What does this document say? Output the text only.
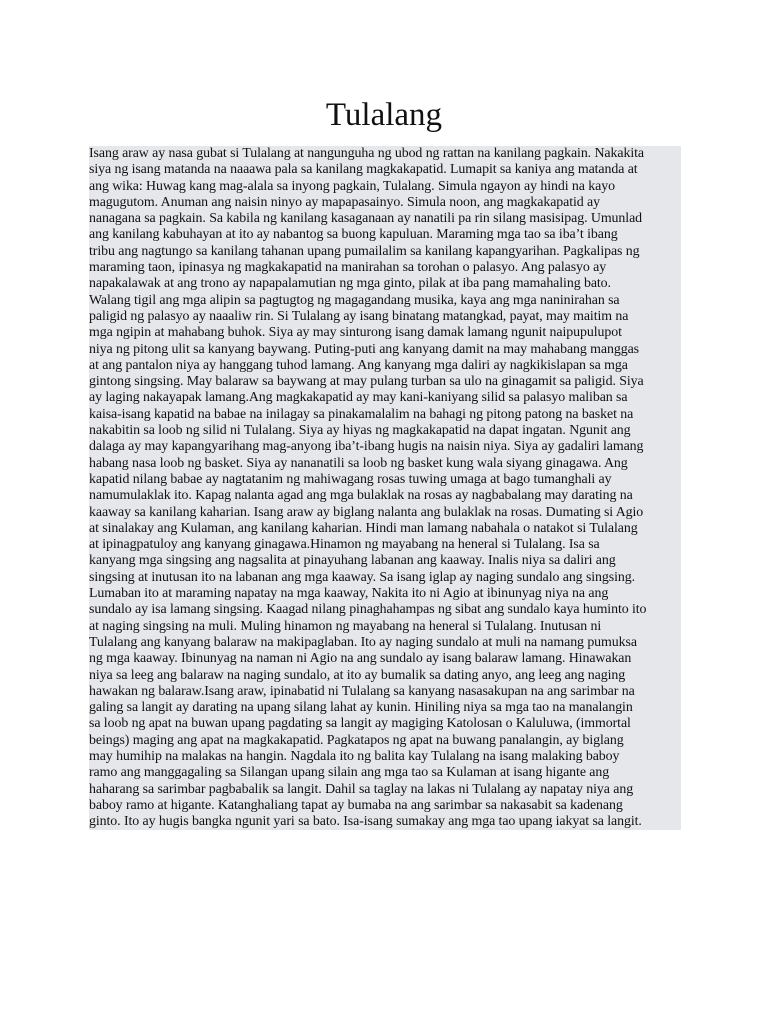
Tulalang
Isang araw ay nasa gubat si Tulalang at nangunguha ng ubod ng rattan na kanilang pagkain. Nakakita
siya ng isang matanda na naaawa pala sa kanilang magkakapatid. Lumapit sa kaniya ang matanda at
ang wika: Huwag kang mag-alala sa inyong pagkain, Tulalang. Simula ngayon ay hindi na kayo
magugutom. Anuman ang naisin ninyo ay mapapasainyo. Simula noon, ang magkakapatid ay
nanagana sa pagkain. Sa kabila ng kanilang kasaganaan ay nanatili pa rin silang masisipag. Umunlad
ang kanilang kabuhayan at ito ay nabantog sa buong kapuluan. Maraming mga tao sa iba’t ibang
tribu ang nagtungo sa kanilang tahanan upang pumailalim sa kanilang kapangyarihan. Pagkalipas ng
maraming taon, ipinasya ng magkakapatid na manirahan sa torohan o palasyo. Ang palasyo ay
napakalawak at ang trono ay napapalamutian ng mga ginto, pilak at iba pang mamahaling bato.
Walang tigil ang mga alipin sa pagtugtog ng magagandang musika, kaya ang mga naninirahan sa
paligid ng palasyo ay naaaliw rin. Si Tulalang ay isang binatang matangkad, payat, may maitim na
mga ngipin at mahabang buhok. Siya ay may sinturong isang damak lamang ngunit naipupulupot
niya ng pitong ulit sa kanyang baywang. Puting-puti ang kanyang damit na may mahabang manggas
at ang pantalon niya ay hanggang tuhod lamang. Ang kanyang mga daliri ay nagkikislapan sa mga
gintong singsing. May balaraw sa baywang at may pulang turban sa ulo na ginagamit sa paligid. Siya
ay laging nakayapak lamang.Ang magkakapatid ay may kani-kaniyang silid sa palasyo maliban sa
kaisa-isang kapatid na babae na inilagay sa pinakamalalim na bahagi ng pitong patong na basket na
nakabitin sa loob ng silid ni Tulalang. Siya ay hiyas ng magkakapatid na dapat ingatan. Ngunit ang
dalaga ay may kapangyarihang mag-anyong iba’t-ibang hugis na naisin niya. Siya ay gadaliri lamang
habang nasa loob ng basket. Siya ay nananatili sa loob ng basket kung wala siyang ginagawa. Ang
kapatid nilang babae ay nagtatanim ng mahiwagang rosas tuwing umaga at bago tumanghali ay
namumulaklak ito. Kapag nalanta agad ang mga bulaklak na rosas ay nagbabalang may darating na
kaaway sa kanilang kaharian. Isang araw ay biglang nalanta ang bulaklak na rosas. Dumating si Agio
at sinalakay ang Kulaman, ang kanilang kaharian. Hindi man lamang nabahala o natakot si Tulalang
at ipinagpatuloy ang kanyang ginagawa.Hinamon ng mayabang na heneral si Tulalang. Isa sa
kanyang mga singsing ang nagsalita at pinayuhang labanan ang kaaway. Inalis niya sa daliri ang
singsing at inutusan ito na labanan ang mga kaaway. Sa isang iglap ay naging sundalo ang singsing.
Lumaban ito at maraming napatay na mga kaaway, Nakita ito ni Agio at ibinunyag niya na ang
sundalo ay isa lamang singsing. Kaagad nilang pinaghahampas ng sibat ang sundalo kaya huminto ito
at naging singsing na muli. Muling hinamon ng mayabang na heneral si Tulalang. Inutusan ni
Tulalang ang kanyang balaraw na makipaglaban. Ito ay naging sundalo at muli na namang pumuksa
ng mga kaaway. Ibinunyag na naman ni Agio na ang sundalo ay isang balaraw lamang. Hinawakan
niya sa leeg ang balaraw na naging sundalo, at ito ay bumalik sa dating anyo, ang leeg ang naging
hawakan ng balaraw.Isang araw, ipinabatid ni Tulalang sa kanyang nasasakupan na ang sarimbar na
galing sa langit ay darating na upang silang lahat ay kunin. Hiniling niya sa mga tao na manalangin
sa loob ng apat na buwan upang pagdating sa langit ay magiging Katolosan o Kaluluwa, (immortal
beings) maging ang apat na magkakapatid. Pagkatapos ng apat na buwang panalangin, ay biglang
may humihip na malakas na hangin. Nagdala ito ng balita kay Tulalang na isang malaking baboy
ramo ang manggagaling sa Silangan upang silain ang mga tao sa Kulaman at isang higante ang
haharang sa sarimbar pagbabalik sa langit. Dahil sa taglay na lakas ni Tulalang ay napatay niya ang
baboy ramo at higante. Katanghaliang tapat ay bumaba na ang sarimbar sa nakasabit sa kadenang
ginto. Ito ay hugis bangka ngunit yari sa bato. Isa-isang sumakay ang mga tao upang iakyat sa langit.
